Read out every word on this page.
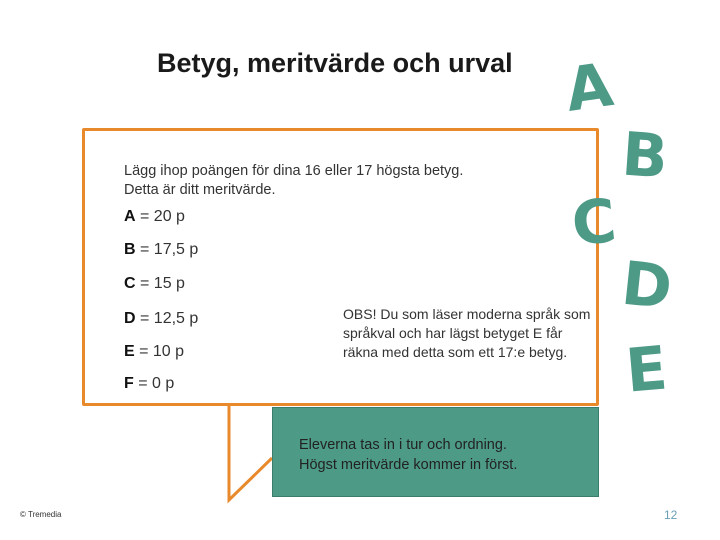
Betyg, meritvärde och urval
Lägg ihop poängen för dina 16 eller 17 högsta betyg.
Detta är ditt meritvärde.
A = 20 p
B = 17,5 p
C = 15 p
D = 12,5 p
E = 10 p
F = 0 p
OBS! Du som läser moderna språk som språkval och har lägst betyget E får räkna med detta som ett 17:e betyg.
A
B
C
D
E
Eleverna tas in i tur och ordning.
Högst meritvärde kommer in först.
© Tremedia	12
